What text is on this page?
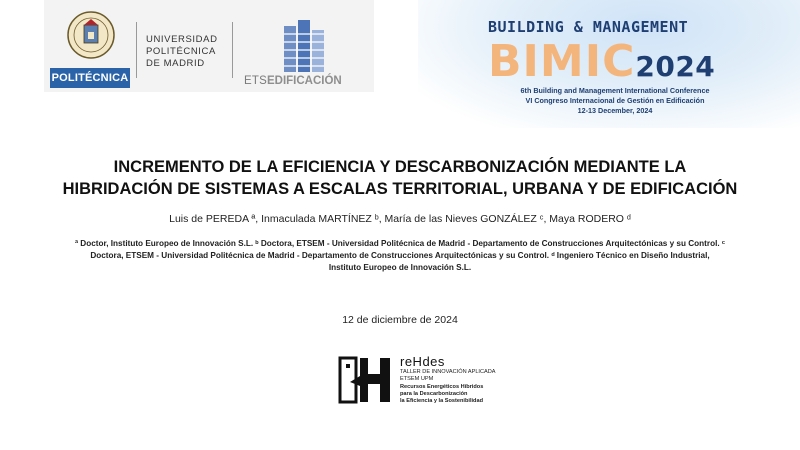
POLITÉCNICA
UNIVERSIDAD
POLITÉCNICA
DE MADRID
ETSEDIFICACIÓN
BUILDING & MANAGEMENT
BIMIC2024
6th Building and Management International Conference
VI Congreso Internacional de Gestión en Edificación
12-13 December, 2024
INCREMENTO DE LA EFICIENCIA Y DESCARBONIZACIÓN MEDIANTE LA
HIBRIDACIÓN DE SISTEMAS A ESCALAS TERRITORIAL, URBANA Y DE EDIFICACIÓN
Luis de PEREDA ª, Inmaculada MARTÍNEZ ᵇ, María de las Nieves GONZÁLEZ ᶜ, Maya RODERO ᵈ
ª Doctor, Instituto Europeo de Innovación S.L. ᵇ Doctora, ETSEM - Universidad Politécnica de Madrid - Departamento de Construcciones Arquitectónicas y su Control. ᶜ
Doctora, ETSEM - Universidad Politécnica de Madrid - Departamento de Construcciones Arquitectónicas y su Control. ᵈ Ingeniero Técnico en Diseño Industrial,
Instituto Europeo de Innovación S.L.
12 de diciembre de 2024
reHdes
TALLER DE INNOVACIÓN APLICADA
ETSEM UPM
Recursos Energéticos Híbridos
para la Descarbonización
la Eficiencia y la Sostenibilidad
